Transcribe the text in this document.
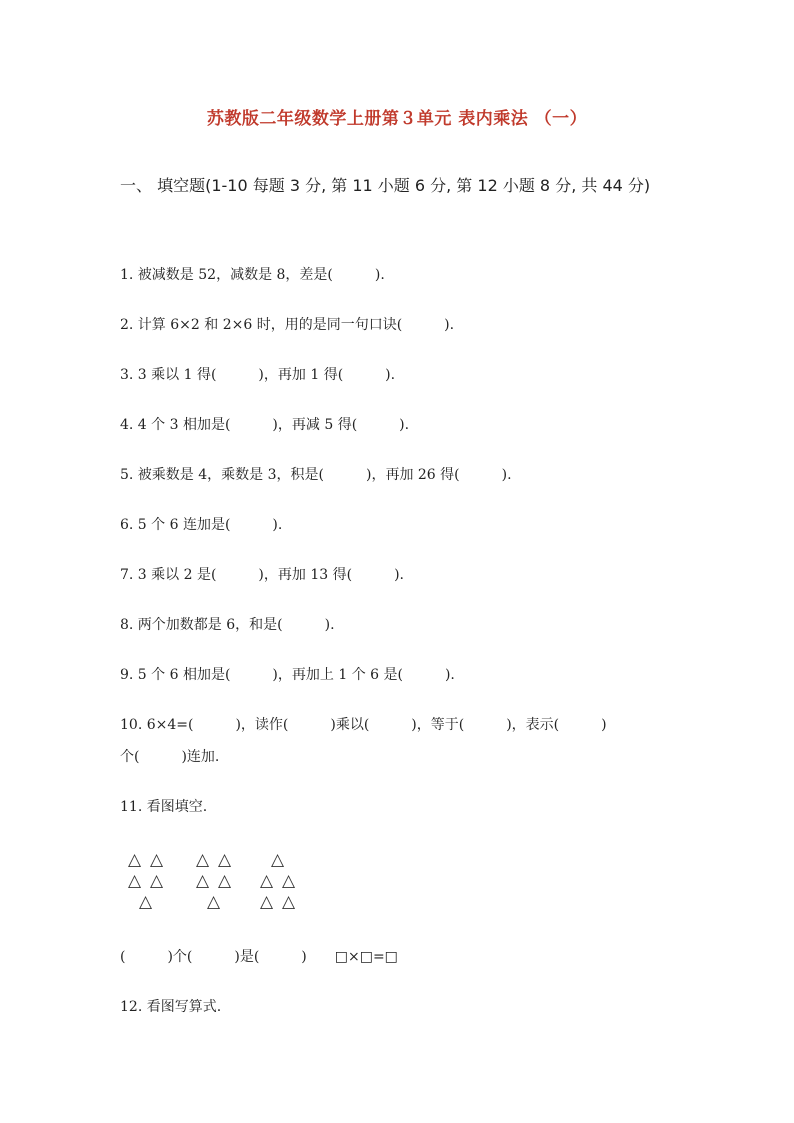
苏教版二年级数学上册第３单元 表内乘法 （一）
一、 填空题(1-10 每题 3 分, 第 11 小题 6 分, 第 12 小题 8 分, 共 44 分)
1. 被减数是 52，减数是 8，差是(　　　).
2. 计算 6×2 和 2×6 时，用的是同一句口诀(　　　).
3. 3 乘以 1 得(　　　)，再加 1 得(　　　).
4. 4 个 3 相加是(　　　)，再减 5 得(　　　).
5. 被乘数是 4，乘数是 3，积是(　　　)，再加 26 得(　　　).
6. 5 个 6 连加是(　　　).
7. 3 乘以 2 是(　　　)，再加 13 得(　　　).
8. 两个加数都是 6，和是(　　　).
9. 5 个 6 相加是(　　　)，再加上 1 个 6 是(　　　).
10. 6×4=(　　　)，读作(　　　)乘以(　　　)，等于(　　　)，表示(　　　)
个(　　　)连加.
11. 看图填空.
△ △
△ △
△
△ △
△ △
△
△
△ △
△ △
(　　　)个(　　　)是(　　　)　　□×□=□
12. 看图写算式.
